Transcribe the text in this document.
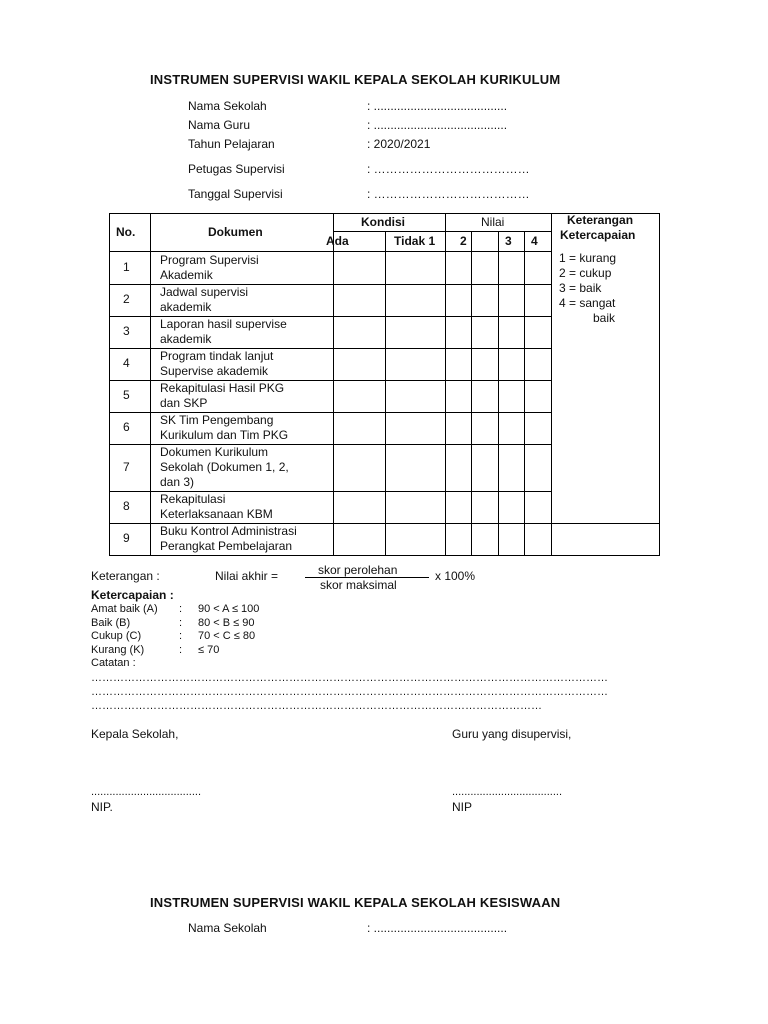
INSTRUMEN SUPERVISI WAKIL KEPALA SEKOLAH KURIKULUM
Nama Sekolah	: ........................................
Nama Guru	: ........................................
Tahun Pelajaran	: 2020/2021
Petugas Supervisi	: …………………………………
Tanggal Supervisi	: …………………………………
No.	Dokumen
Kondisi
Ada	Tidak 1
Nilai
2	3 4
Keterangan
Ketercapaian
1	Program Supervisi
Akademik
2	Jadwal supervisi
akademik
3	Laporan hasil supervise
akademik
4	Program tindak lanjut
Supervise akademik
5	Rekapitulasi Hasil PKG
dan SKP
6	SK Tim Pengembang
Kurikulum dan Tim PKG
7
Dokumen Kurikulum
Sekolah (Dokumen 1, 2,
dan 3)
8	Rekapitulasi
Keterlaksanaan KBM
9	Buku Kontrol Administrasi
Perangkat Pembelajaran
1 = kurang
2 = cukup
3 = baik
4 = sangat
baik
Keterangan :	Nilai akhir =	skor perolehan
skor maksimal
x 100%
Ketercapaian :
Amat baik (A) : 90 < A ≤ 100
Baik (B)	: 80 < B ≤ 90
Cukup (C)	: 70 < C ≤ 80
Kurang (K)	: ≤ 70
Catatan :
……………………………………………………………………………………………………………………………
……………………………………………………………………………………………………………………………
……………………………………………………………………………………………………………
Kepala Sekolah,	Guru yang disupervisi,
....................................	....................................
NIP.	NIP
INSTRUMEN SUPERVISI WAKIL KEPALA SEKOLAH KESISWAAN
Nama Sekolah	: ........................................
